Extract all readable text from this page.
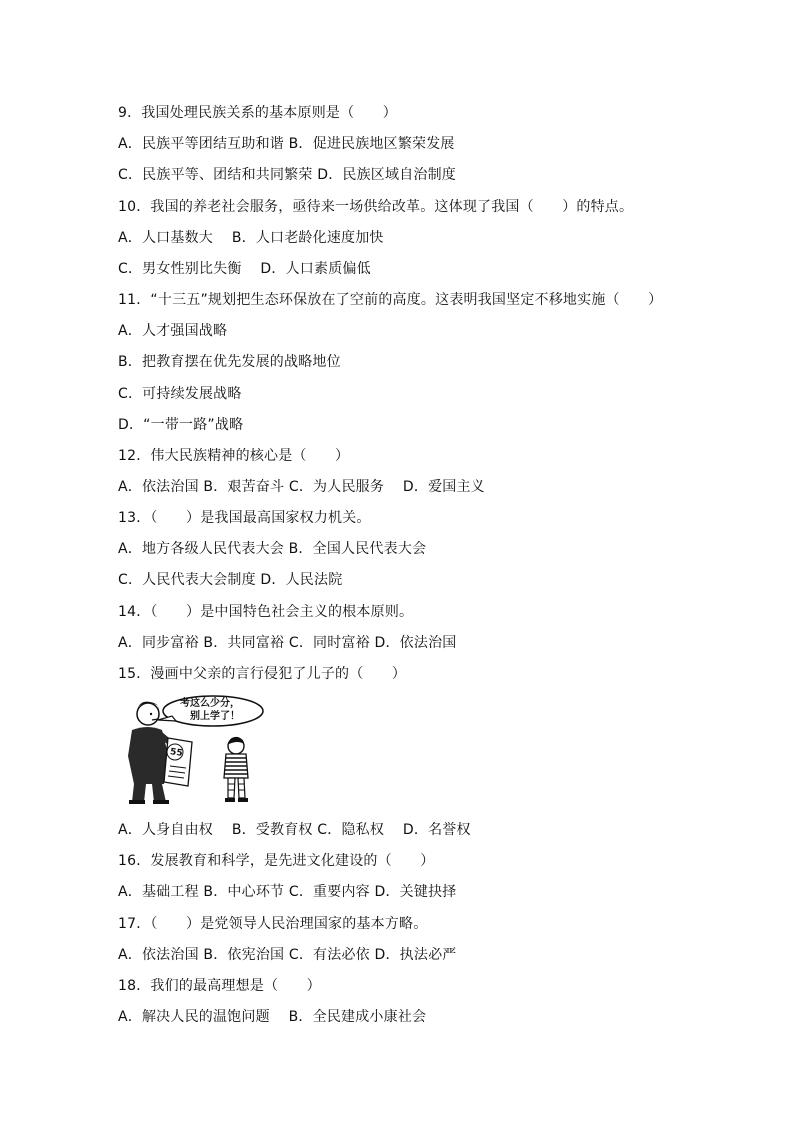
9．我国处理民族关系的基本原则是（　　）
A．民族平等团结互助和谐 B．促进民族地区繁荣发展
C．民族平等、团结和共同繁荣 D．民族区域自治制度
10．我国的养老社会服务，亟待来一场供给改革。这体现了我国（　　）的特点。
A．人口基数大　 B．人口老龄化速度加快
C．男女性别比失衡　 D．人口素质偏低
11．“十三五”规划把生态环保放在了空前的高度。这表明我国坚定不移地实施（　　）
A．人才强国战略
B．把教育摆在优先发展的战略地位
C．可持续发展战略
D．“一带一路”战略
12．伟大民族精神的核心是（　　）
A．依法治国 B．艰苦奋斗 C．为人民服务　 D．爱国主义
13．（　　）是我国最高国家权力机关。
A．地方各级人民代表大会 B．全国人民代表大会
C．人民代表大会制度 D．人民法院
14．（　　）是中国特色社会主义的根本原则。
A．同步富裕 B．共同富裕 C．同时富裕 D．依法治国
15．漫画中父亲的言行侵犯了儿子的（　　）
考这么少分，
别上学了！
55
A．人身自由权　 B．受教育权 C．隐私权　 D．名誉权
16．发展教育和科学，是先进文化建设的（　　）
A．基础工程 B．中心环节 C．重要内容 D．关键抉择
17．（　　）是党领导人民治理国家的基本方略。
A．依法治国 B．依宪治国 C．有法必依 D．执法必严
18．我们的最高理想是（　　）
A．解决人民的温饱问题　 B．全民建成小康社会
